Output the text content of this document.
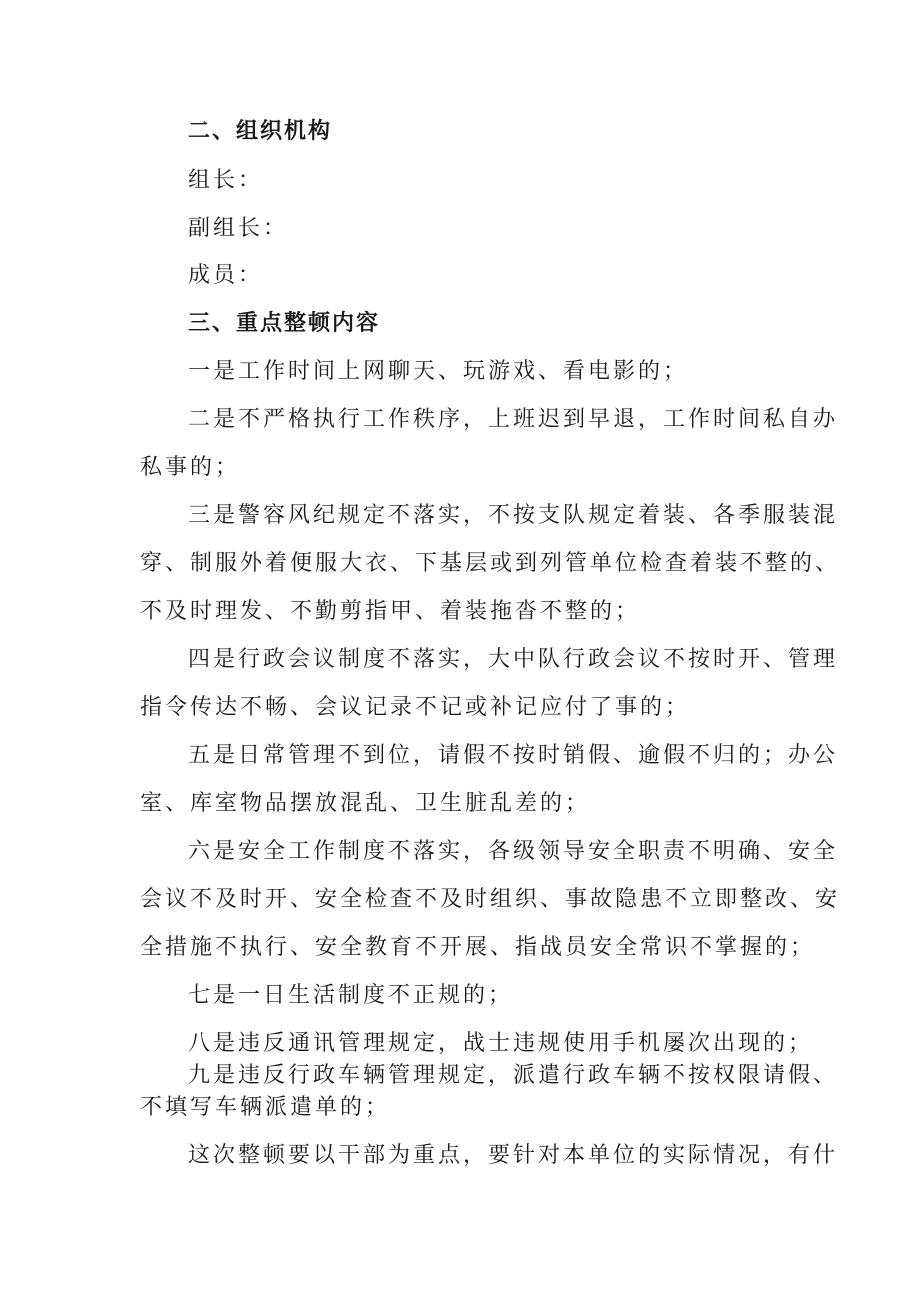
二、组织机构
组长：
副组长：
成员：
三、重点整顿内容
一是工作时间上网聊天、玩游戏、看电影的；
二是不严格执行工作秩序，上班迟到早退，工作时间私自办
私事的；
三是警容风纪规定不落实，不按支队规定着装、各季服装混
穿、制服外着便服大衣、下基层或到列管单位检查着装不整的、
不及时理发、不勤剪指甲、着装拖沓不整的；
四是行政会议制度不落实，大中队行政会议不按时开、管理
指令传达不畅、会议记录不记或补记应付了事的；
五是日常管理不到位，请假不按时销假、逾假不归的；办公
室、库室物品摆放混乱、卫生脏乱差的；
六是安全工作制度不落实，各级领导安全职责不明确、安全
会议不及时开、安全检查不及时组织、事故隐患不立即整改、安
全措施不执行、安全教育不开展、指战员安全常识不掌握的；
七是一日生活制度不正规的；
八是违反通讯管理规定，战士违规使用手机屡次出现的；
九是违反行政车辆管理规定，派遣行政车辆不按权限请假、
不填写车辆派遣单的；
这次整顿要以干部为重点，要针对本单位的实际情况，有什
